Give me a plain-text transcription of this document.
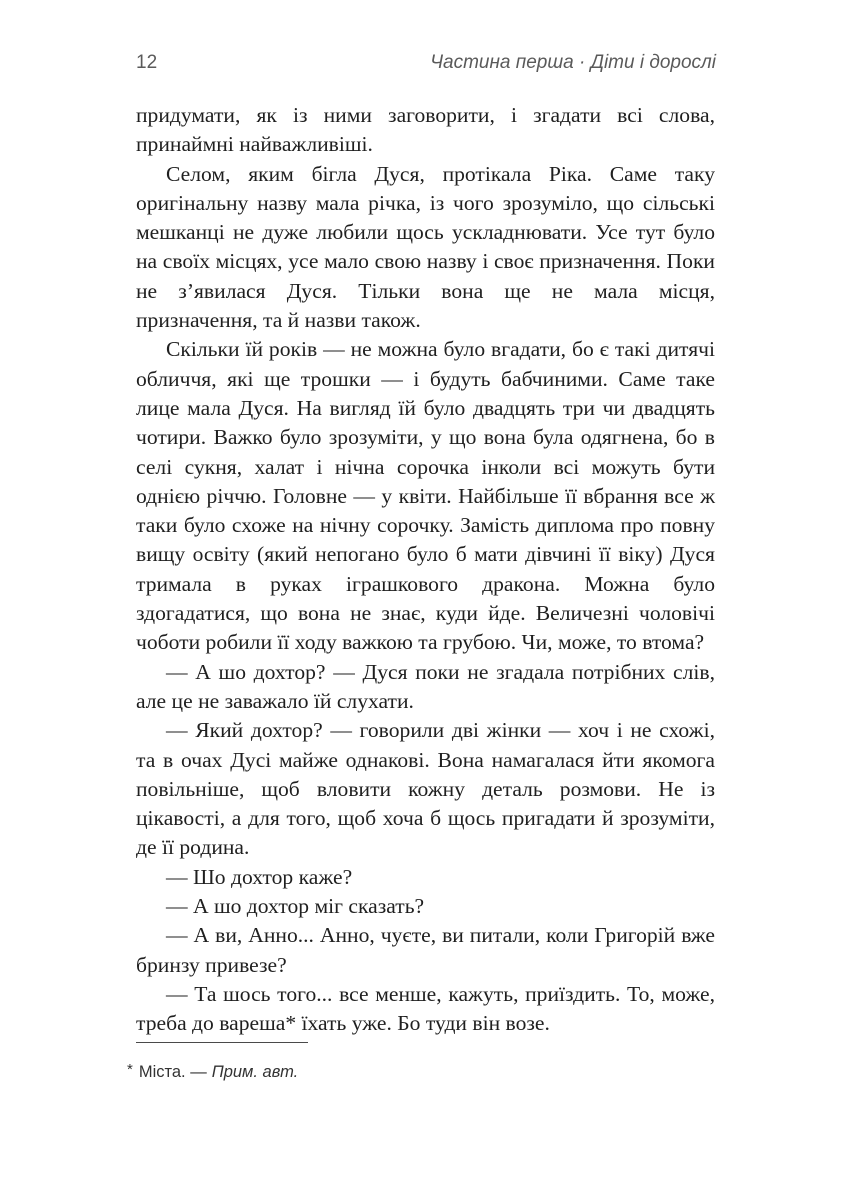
12	Частина перша · Діти і дорослі

придумати, як із ними заговорити, і згадати всі слова, принаймні найважливіші.

Селом, яким бігла Дуся, протікала Ріка. Саме таку оригінальну назву мала річка, із чого зрозуміло, що сільські мешканці не дуже любили щось ускладнювати. Усе тут було на своїх місцях, усе мало свою назву і своє призначення. Поки не з’явилася Дуся. Тільки вона ще не мала місця, призначення, та й назви також.

Скільки їй років — не можна було вгадати, бо є такі дитячі обличчя, які ще трошки — і будуть бабчиними. Саме таке лице мала Дуся. На вигляд їй було двадцять три чи двадцять чотири. Важко було зрозуміти, у що вона була одягнена, бо в селі сукня, халат і нічна сорочка інколи всі можуть бути однією річчю. Головне — у квіти. Найбільше її вбрання все ж таки було схоже на нічну сорочку. Замість диплома про повну вищу освіту (який непогано було б мати дівчині її віку) Дуся тримала в руках іграшкового дракона. Можна було здогадатися, що вона не знає, куди йде. Величезні чоловічі чоботи робили її ходу важкою та грубою. Чи, може, то втома?

— А шо дохтор? — Дуся поки не згадала потрібних слів, але це не заважало їй слухати.

— Який дохтор? — говорили дві жінки — хоч і не схожі, та в очах Дусі майже однакові. Вона намагалася йти якомога повільніше, щоб вловити кожну деталь розмови. Не із цікавості, а для того, щоб хоча б щось пригадати й зрозуміти, де її родина.

— Шо дохтор каже?

— А шо дохтор міг сказать?

— А ви, Анно... Анно, чуєте, ви питали, коли Григорій вже бринзу привезе?

— Та шось того... все менше, кажуть, приїздить. То, може, треба до вареша* їхать уже. Бо туди він возе.

* Міста. — Прим. авт.
